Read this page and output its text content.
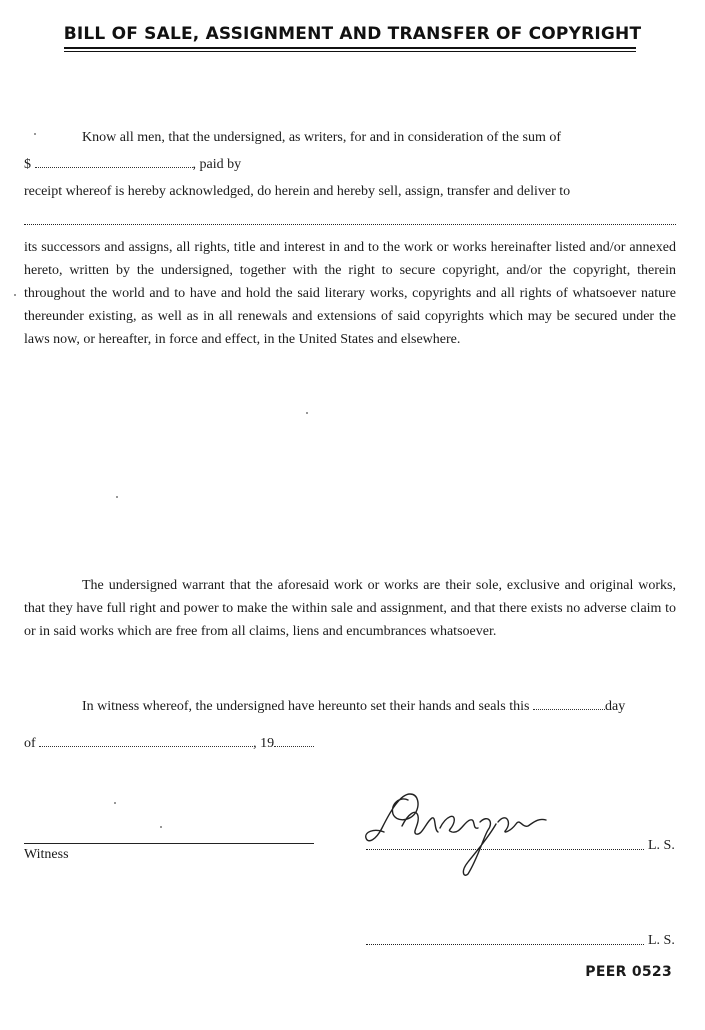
BILL OF SALE, ASSIGNMENT AND TRANSFER OF COPYRIGHT
Know all men, that the undersigned, as writers, for and in consideration of the sum of
$	, paid by
receipt whereof is hereby acknowledged, do herein and hereby sell, assign, transfer and deliver to
its successors and assigns, all rights, title and interest in and to the work or works hereinafter listed and/or annexed hereto, written by the undersigned, together with the right to secure copyright, and/or the copyright, therein throughout the world and to have and hold the said literary works, copyrights and all rights of whatsoever nature thereunder existing, as well as in all renewals and extensions of said copyrights which may be secured under the laws now, or hereafter, in force and effect, in the United States and elsewhere.
The undersigned warrant that the aforesaid work or works are their sole, exclusive and original works, that they have full right and power to make the within sale and assignment, and that there exists no adverse claim to or in said works which are free from all claims, liens and encumbrances whatsoever.
In witness whereof, the undersigned have hereunto set their hands and seals this	day
of	, 19
Witness
L. S.
L. S.
PEER 0523
